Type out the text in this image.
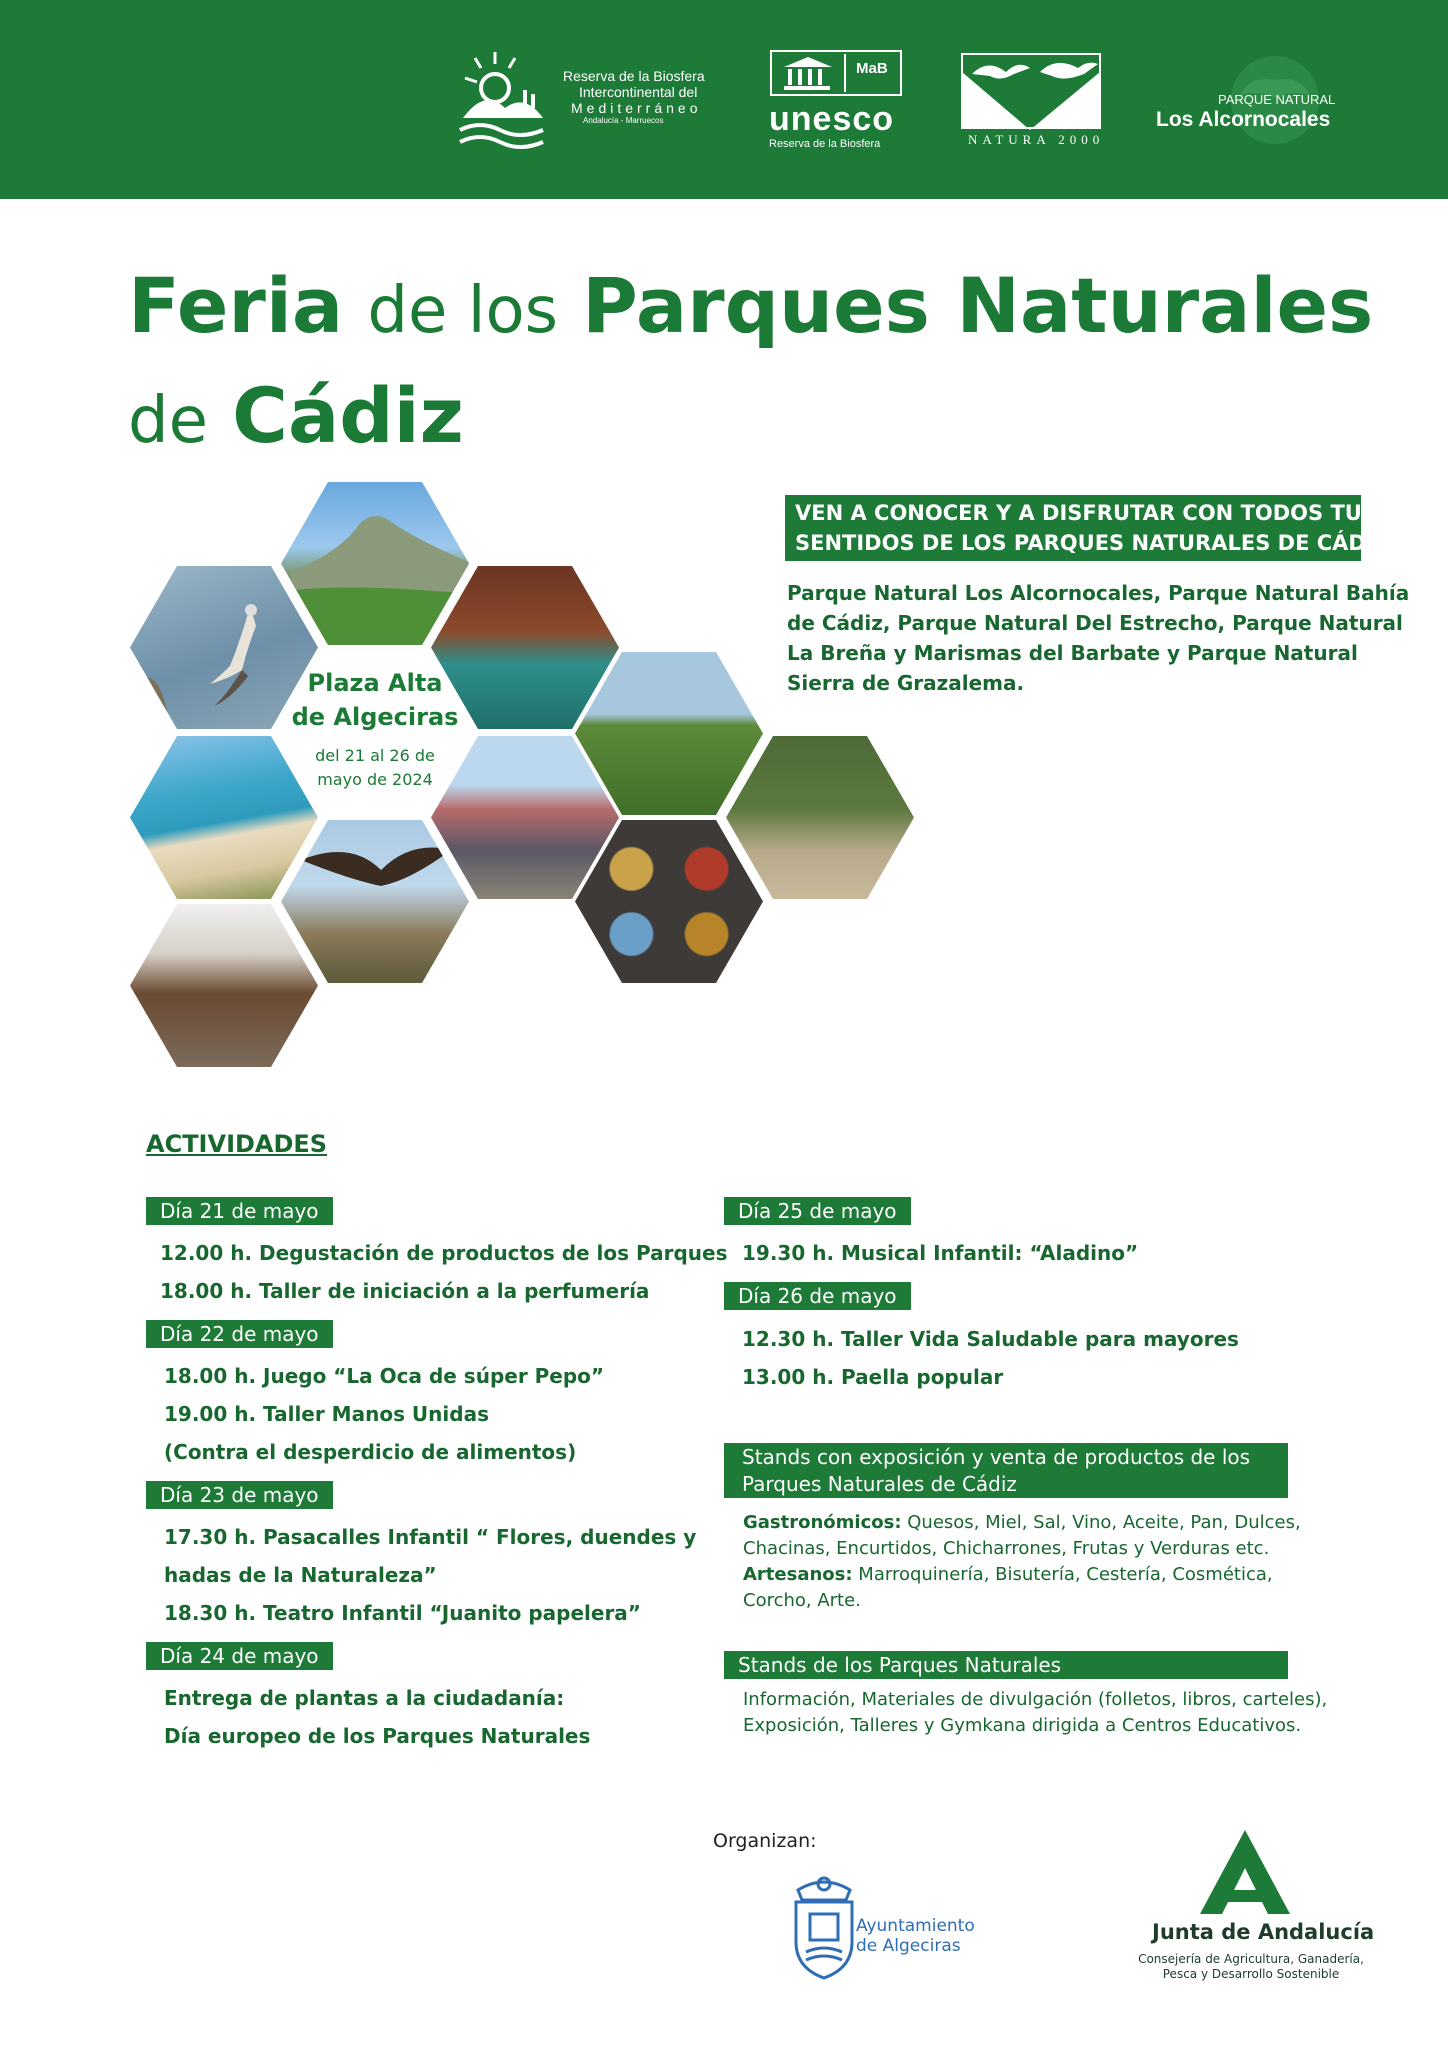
Reserva de la Biosfera
Intercontinental del
Mediterráneo
Andalucía - Marruecos
MaB
unesco
Reserva de la Biosfera	NATURA 2000
PARQUE NATURAL
Los Alcornocales
Feria de los Parques Naturales
de Cádiz
Plaza Alta
de Algeciras
del 21 al 26 de
mayo de 2024
VEN A CONOCER Y A DISFRUTAR CON TODOS TUS
SENTIDOS DE LOS PARQUES NATURALES DE CÁDIZ
Parque Natural Los Alcornocales, Parque Natural Bahía
de Cádiz, Parque Natural Del Estrecho, Parque Natural
La Breña y Marismas del Barbate y Parque Natural
Sierra de Grazalema.
ACTIVIDADES
Día 21 de mayo
12.00 h. Degustación de productos de los Parques
18.00 h. Taller de iniciación a la perfumería
Día 22 de mayo
18.00 h. Juego “La Oca de súper Pepo”
19.00 h. Taller Manos Unidas
(Contra el desperdicio de alimentos)
Día 23 de mayo
17.30 h. Pasacalles Infantil “ Flores, duendes y
hadas de la Naturaleza”
18.30 h. Teatro Infantil “Juanito papelera”
Día 24 de mayo
Entrega de plantas a la ciudadanía:
Día europeo de los Parques Naturales
Día 25 de mayo
19.30 h. Musical Infantil: “Aladino”
Día 26 de mayo
12.30 h. Taller Vida Saludable para mayores
13.00 h. Paella popular
Stands con exposición y venta de productos de los
Parques Naturales de Cádiz
Gastronómicos: Quesos, Miel, Sal, Vino, Aceite, Pan, Dulces,
Chacinas, Encurtidos, Chicharrones, Frutas y Verduras etc.
Artesanos: Marroquinería, Bisutería, Cestería, Cosmética,
Corcho, Arte.
Stands de los Parques Naturales
Información, Materiales de divulgación (folletos, libros, carteles),
Exposición, Talleres y Gymkana dirigida a Centros Educativos.
Organizan:
Ayuntamiento
de Algeciras
Junta de Andalucía
Consejería de Agricultura, Ganadería,
Pesca y Desarrollo Sostenible
